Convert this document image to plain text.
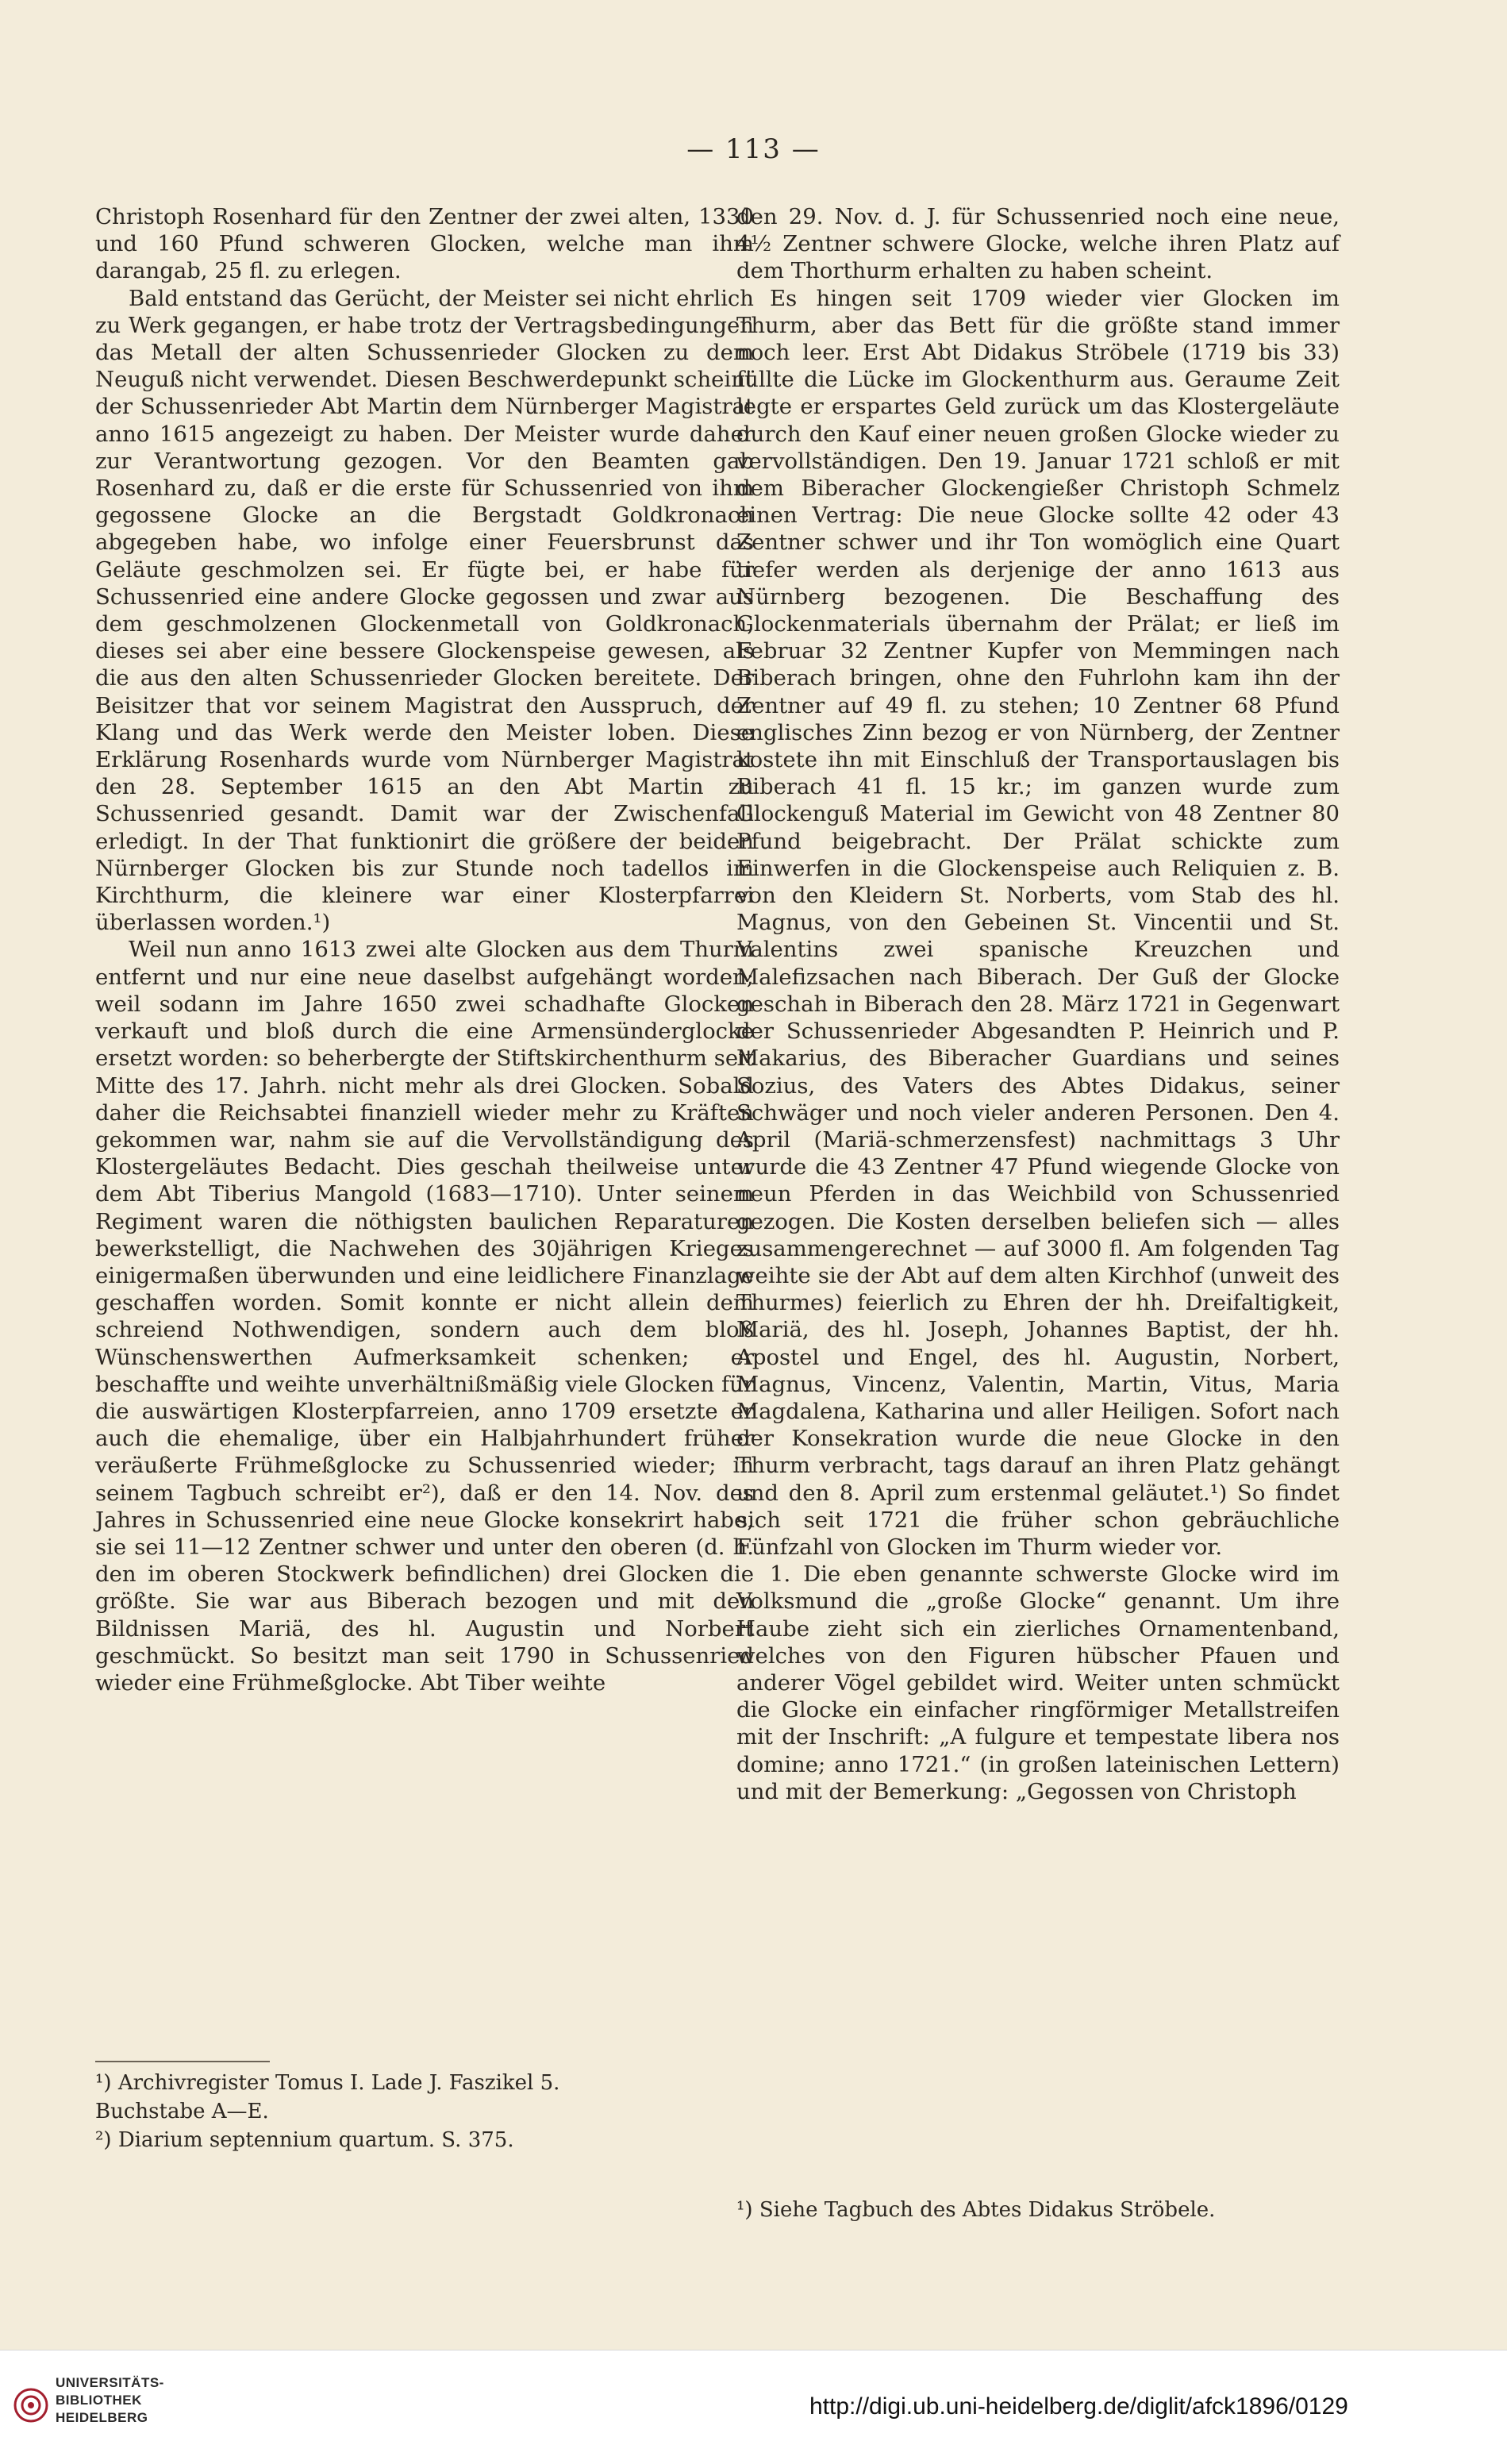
— 113 —

Christoph Rosenhard für den Zentner der zwei alten, 1330 und 160 Pfund schweren Glocken, welche man ihm darangab, 25 fl. zu erlegen.

Bald entstand das Gerücht, der Meister sei nicht ehrlich zu Werk gegangen, er habe trotz der Vertragsbedingungen das Metall der alten Schussenrieder Glocken zu dem Neuguß nicht verwendet. Diesen Beschwerdepunkt scheint der Schussenrieder Abt Martin dem Nürnberger Magistrat anno 1615 angezeigt zu haben. Der Meister wurde daher zur Verantwortung gezogen. Vor den Beamten gab Rosenhard zu, daß er die erste für Schussenried von ihm gegossene Glocke an die Bergstadt Goldkronach abgegeben habe, wo infolge einer Feuersbrunst das Geläute geschmolzen sei. Er fügte bei, er habe für Schussenried eine andere Glocke gegossen und zwar aus dem geschmolzenen Glockenmetall von Goldkronach, dieses sei aber eine bessere Glockenspeise gewesen, als die aus den alten Schussenrieder Glocken bereitete. Der Beisitzer that vor seinem Magistrat den Ausspruch, der Klang und das Werk werde den Meister loben. Diese Erklärung Rosenhards wurde vom Nürnberger Magistrat den 28. September 1615 an den Abt Martin zu Schussenried gesandt. Damit war der Zwischenfall erledigt. In der That funktionirt die größere der beiden Nürnberger Glocken bis zur Stunde noch tadellos im Kirchthurm, die kleinere war einer Klosterpfarrei überlassen worden.¹)

Weil nun anno 1613 zwei alte Glocken aus dem Thurm entfernt und nur eine neue daselbst aufgehängt worden; weil sodann im Jahre 1650 zwei schadhafte Glocken verkauft und bloß durch die eine Armensünderglocke ersetzt worden: so beherbergte der Stiftskirchenthurm seit Mitte des 17. Jahrh. nicht mehr als drei Glocken. Sobald daher die Reichsabtei finanziell wieder mehr zu Kräften gekommen war, nahm sie auf die Vervollständigung des Klostergeläutes Bedacht. Dies geschah theilweise unter dem Abt Tiberius Mangold (1683—1710). Unter seinem Regiment waren die nöthigsten baulichen Reparaturen bewerkstelligt, die Nachwehen des 30jährigen Krieges einigermaßen überwunden und eine leidlichere Finanzlage geschaffen worden. Somit konnte er nicht allein dem schreiend Nothwendigen, sondern auch dem bloß Wünschenswerthen Aufmerksamkeit schenken; er beschaffte und weihte unverhältnißmäßig viele Glocken für die auswärtigen Klosterpfarreien, anno 1709 ersetzte er auch die ehemalige, über ein Halbjahrhundert früher veräußerte Frühmeßglocke zu Schussenried wieder; in seinem Tagbuch schreibt er²), daß er den 14. Nov. des Jahres in Schussenried eine neue Glocke konsekrirt habe, sie sei 11—12 Zentner schwer und unter den oberen (d. h. den im oberen Stockwerk befindlichen) drei Glocken die größte. Sie war aus Biberach bezogen und mit den Bildnissen Mariä, des hl. Augustin und Norbert geschmückt. So besitzt man seit 1790 in Schussenried wieder eine Frühmeßglocke. Abt Tiber weihte

den 29. Nov. d. J. für Schussenried noch eine neue, 4½ Zentner schwere Glocke, welche ihren Platz auf dem Thorthurm erhalten zu haben scheint.

Es hingen seit 1709 wieder vier Glocken im Thurm, aber das Bett für die größte stand immer noch leer. Erst Abt Didakus Ströbele (1719 bis 33) füllte die Lücke im Glockenthurm aus. Geraume Zeit legte er erspartes Geld zurück um das Klostergeläute durch den Kauf einer neuen großen Glocke wieder zu vervollständigen. Den 19. Januar 1721 schloß er mit dem Biberacher Glockengießer Christoph Schmelz einen Vertrag: Die neue Glocke sollte 42 oder 43 Zentner schwer und ihr Ton womöglich eine Quart tiefer werden als derjenige der anno 1613 aus Nürnberg bezogenen. Die Beschaffung des Glockenmaterials übernahm der Prälat; er ließ im Februar 32 Zentner Kupfer von Memmingen nach Biberach bringen, ohne den Fuhrlohn kam ihn der Zentner auf 49 fl. zu stehen; 10 Zentner 68 Pfund englisches Zinn bezog er von Nürnberg, der Zentner kostete ihn mit Einschluß der Transportauslagen bis Biberach 41 fl. 15 kr.; im ganzen wurde zum Glockenguß Material im Gewicht von 48 Zentner 80 Pfund beigebracht. Der Prälat schickte zum Einwerfen in die Glockenspeise auch Reliquien z. B. von den Kleidern St. Norberts, vom Stab des hl. Magnus, von den Gebeinen St. Vincentii und St. Valentins zwei spanische Kreuzchen und Malefizsachen nach Biberach. Der Guß der Glocke geschah in Biberach den 28. März 1721 in Gegenwart der Schussenrieder Abgesandten P. Heinrich und P. Makarius, des Biberacher Guardians und seines Sozius, des Vaters des Abtes Didakus, seiner Schwäger und noch vieler anderen Personen. Den 4. April (Mariä-schmerzensfest) nachmittags 3 Uhr wurde die 43 Zentner 47 Pfund wiegende Glocke von neun Pferden in das Weichbild von Schussenried gezogen. Die Kosten derselben beliefen sich — alles zusammengerechnet — auf 3000 fl. Am folgenden Tag weihte sie der Abt auf dem alten Kirchhof (unweit des Thurmes) feierlich zu Ehren der hh. Dreifaltigkeit, Mariä, des hl. Joseph, Johannes Baptist, der hh. Apostel und Engel, des hl. Augustin, Norbert, Magnus, Vincenz, Valentin, Martin, Vitus, Maria Magdalena, Katharina und aller Heiligen. Sofort nach der Konsekration wurde die neue Glocke in den Thurm verbracht, tags darauf an ihren Platz gehängt und den 8. April zum erstenmal geläutet.¹) So findet sich seit 1721 die früher schon gebräuchliche Fünfzahl von Glocken im Thurm wieder vor.

1. Die eben genannte schwerste Glocke wird im Volksmund die „große Glocke“ genannt. Um ihre Haube zieht sich ein zierliches Ornamentenband, welches von den Figuren hübscher Pfauen und anderer Vögel gebildet wird. Weiter unten schmückt die Glocke ein einfacher ringförmiger Metallstreifen mit der Inschrift: „A fulgure et tempestate libera nos domine; anno 1721.“ (in großen lateinischen Lettern) und mit der Bemerkung: „Gegossen von Christoph

¹) Archivregister Tomus I. Lade J. Faszikel 5. Buchstabe A—E.
²) Diarium septennium quartum. S. 375.
¹) Siehe Tagbuch des Abtes Didakus Ströbele.
UNIVERSITÄTS-
BIBLIOTHEK
HEIDELBERG	http://digi.ub.uni-heidelberg.de/diglit/afck1896/0129
